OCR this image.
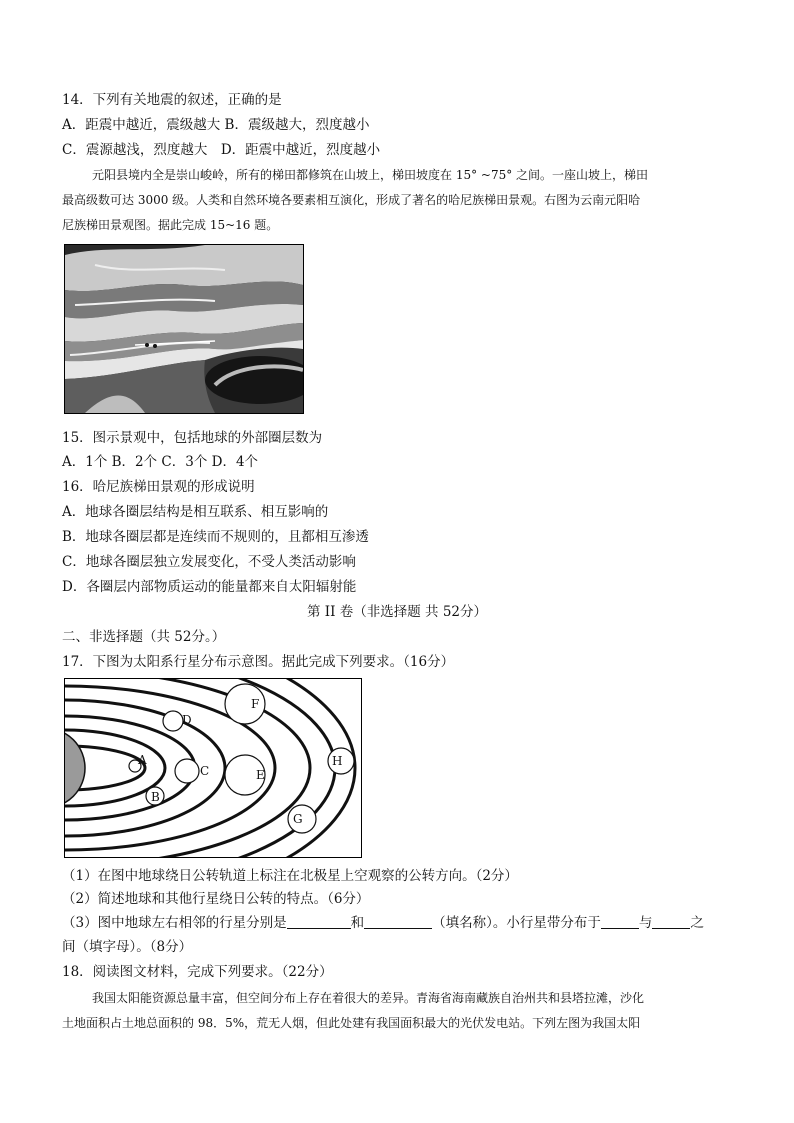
14．下列有关地震的叙述，正确的是
A．距震中越近，震级越大 B．震级越大，烈度越小
C．震源越浅，烈度越大　D．距震中越近，烈度越小
元阳县境内全是崇山峻岭，所有的梯田都修筑在山坡上，梯田坡度在 15° ~75° 之间。一座山坡上，梯田
最高级数可达 3000 级。人类和自然环境各要素相互演化，形成了著名的哈尼族梯田景观。右图为云南元阳哈
尼族梯田景观图。据此完成 15~16 题。
15．图示景观中，包括地球的外部圈层数为
A．1个 B．2个 C．3个 D．4个
16．哈尼族梯田景观的形成说明
A．地球各圈层结构是相互联系、相互影响的
B．地球各圈层都是连续而不规则的，且都相互渗透
C．地球各圈层独立发展变化，不受人类活动影响
D．各圈层内部物质运动的能量都来自太阳辐射能
第 II 卷（非选择题 共 52分）
二、非选择题（共 52分。）
17．下图为太阳系行星分布示意图。据此完成下列要求。（16分）
A
B
C
D
E
F
G
H
（1）在图中地球绕日公转轨道上标注在北极星上空观察的公转方向。（2分）
（2）简述地球和其他行星绕日公转的特点。（6分）
（3）图中地球左右相邻的行星分别是	和	（填名称）。小行星带分布于	与	之
间（填字母）。（8分）
18．阅读图文材料，完成下列要求。（22分）
我国太阳能资源总量丰富，但空间分布上存在着很大的差异。青海省海南藏族自治州共和县塔拉滩，沙化
土地面积占土地总面积的 98．5%，荒无人烟，但此处建有我国面积最大的光伏发电站。下列左图为我国太阳
